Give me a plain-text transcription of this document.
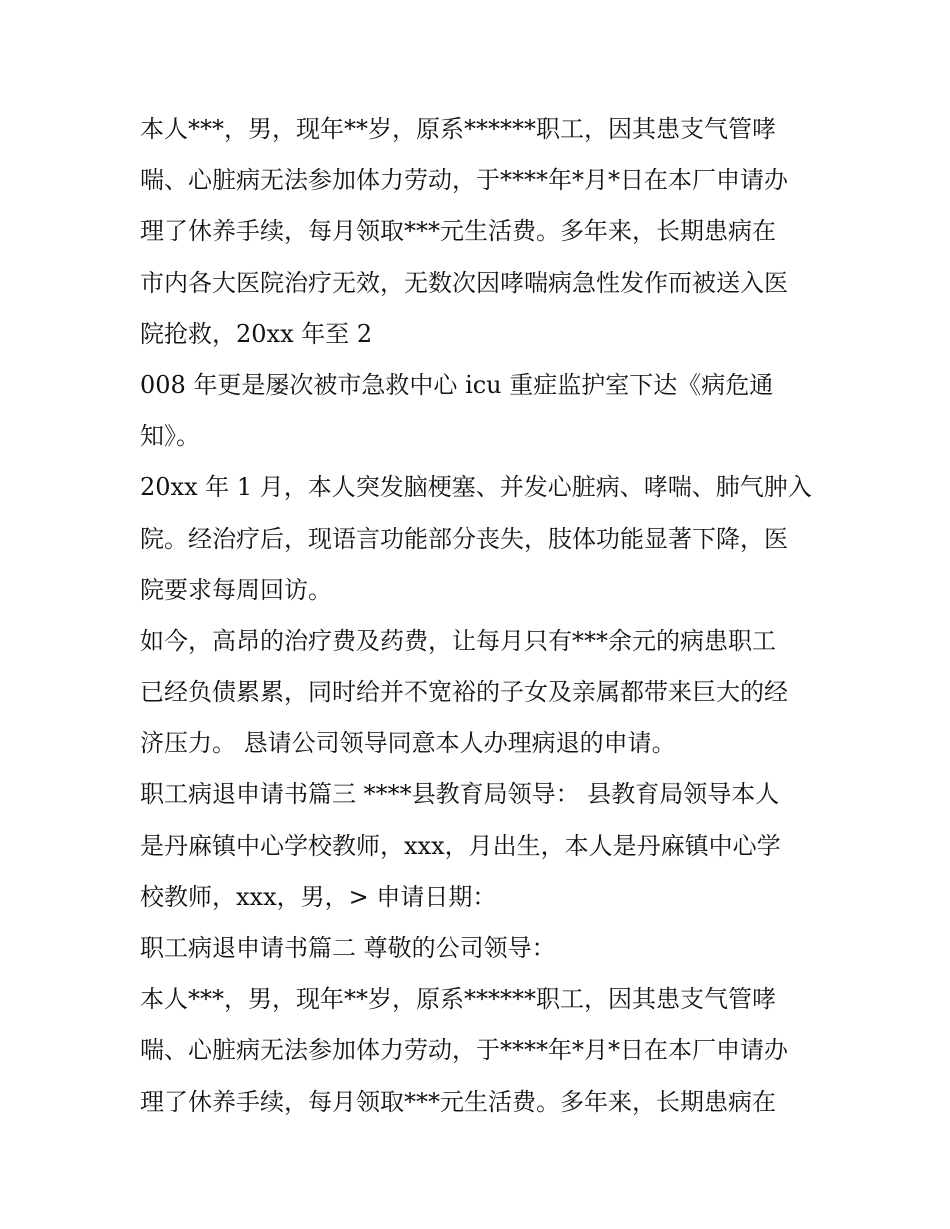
本人***，男，现年**岁，原系******职工，因其患支气管哮
喘、心脏病无法参加体力劳动，于****年*月*日在本厂申请办
理了休养手续，每月领取***元生活费。多年来，长期患病在
市内各大医院治疗无效，无数次因哮喘病急性发作而被送入医
院抢救，20xx 年至 2
008 年更是屡次被市急救中心 icu 重症监护室下达《病危通
知》。
20xx 年 1 月，本人突发脑梗塞、并发心脏病、哮喘、肺气肿入
院。经治疗后，现语言功能部分丧失，肢体功能显著下降，医
院要求每周回访。
如今，高昂的治疗费及药费，让每月只有***余元的病患职工
已经负债累累，同时给并不宽裕的子女及亲属都带来巨大的经
济压力。 恳请公司领导同意本人办理病退的申请。
职工病退申请书篇三 ****县教育局领导： 县教育局领导本人
是丹麻镇中心学校教师，xxx，月出生，本人是丹麻镇中心学
校教师，xxx，男，> 申请日期：
职工病退申请书篇二 尊敬的公司领导：
本人***，男，现年**岁，原系******职工，因其患支气管哮
喘、心脏病无法参加体力劳动，于****年*月*日在本厂申请办
理了休养手续，每月领取***元生活费。多年来，长期患病在
